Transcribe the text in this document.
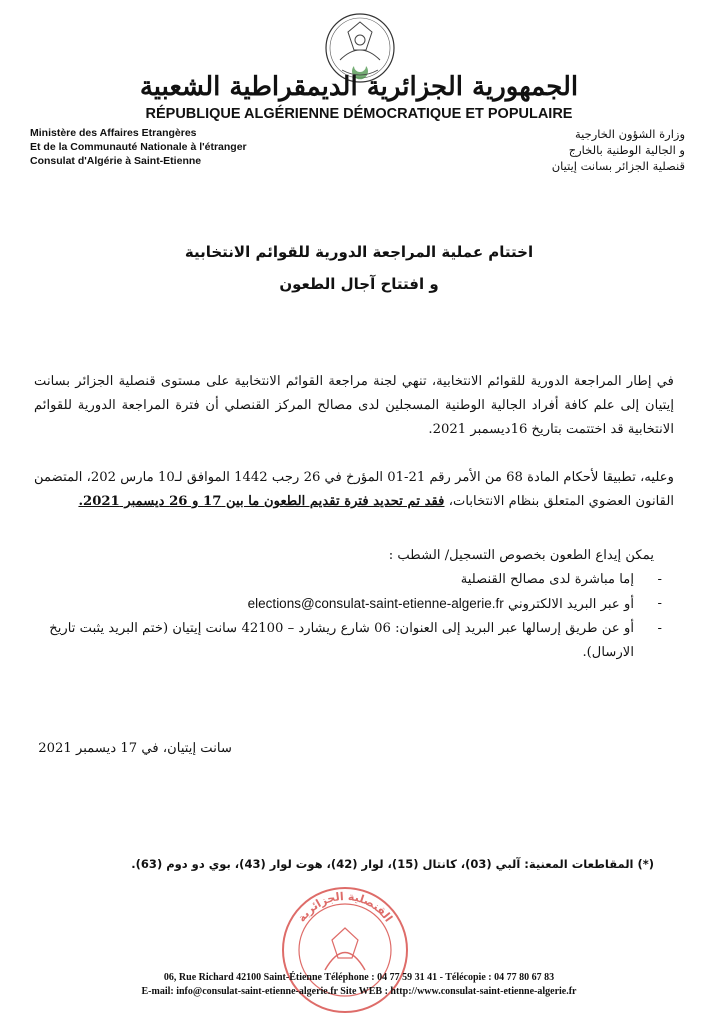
الجمهورية الجزائرية الديمقراطية الشعبية
RÉPUBLIQUE ALGÉRIENNE DÉMOCRATIQUE ET POPULAIRE
Ministère des Affaires Etrangères
Et de la Communauté Nationale à l'étranger
Consulat d'Algérie à Saint-Etienne
وزارة الشؤون الخارجية
و الجالية الوطنية بالخارج
قنصلية الجزائر بسانت إيتيان
اختتام عملية المراجعة الدورية للقوائم الانتخابية
و افتتاح آجال الطعون
في إطار المراجعة الدورية للقوائم الانتخابية، تنهي لجنة مراجعة القوائم الانتخابية على مستوى قنصلية الجزائر بسانت إيتيان إلى علم كافة أفراد الجالية الوطنية المسجلين لدى مصالح المركز القنصلي أن فترة المراجعة الدورية للقوائم الانتخابية قد اختتمت بتاريخ 16ديسمبر 2021.
وعليه، تطبيقا لأحكام المادة 68 من الأمر رقم 21-01 المؤرخ في 26 رجب 1442 الموافق لـ10 مارس 202، المتضمن القانون العضوي المتعلق بنظام الانتخابات، فقد تم تحديد فترة تقديم الطعون ما بين 17 و 26 ديسمبر 2021.
يمكن إيداع الطعون بخصوص التسجيل/ الشطب :
-
إما مباشرة لدى مصالح القنصلية
-
أو عبر البريد الالكتروني elections@consulat-saint-etienne-algerie.fr
-
أو عن طريق إرسالها عبر البريد إلى العنوان: 06 شارع ريشارد – 42100 سانت إيتيان (ختم البريد يثبت تاريخ الارسال).
سانت إيتيان، في 17 ديسمبر 2021
(*) المقاطعات المعنية: آلبي (03)، كانتال (15)، لوار (42)، هوت لوار (43)، بوي دو دوم (63).
القنصلية الجزائرية
06, Rue Richard 42100 Saint-Étienne Téléphone : 04 77 59 31 41 - Télécopie : 04 77 80 67 83
E-mail: info@consulat-saint-etienne-algerie.fr Site WEB : http://www.consulat-saint-etienne-algerie.fr
